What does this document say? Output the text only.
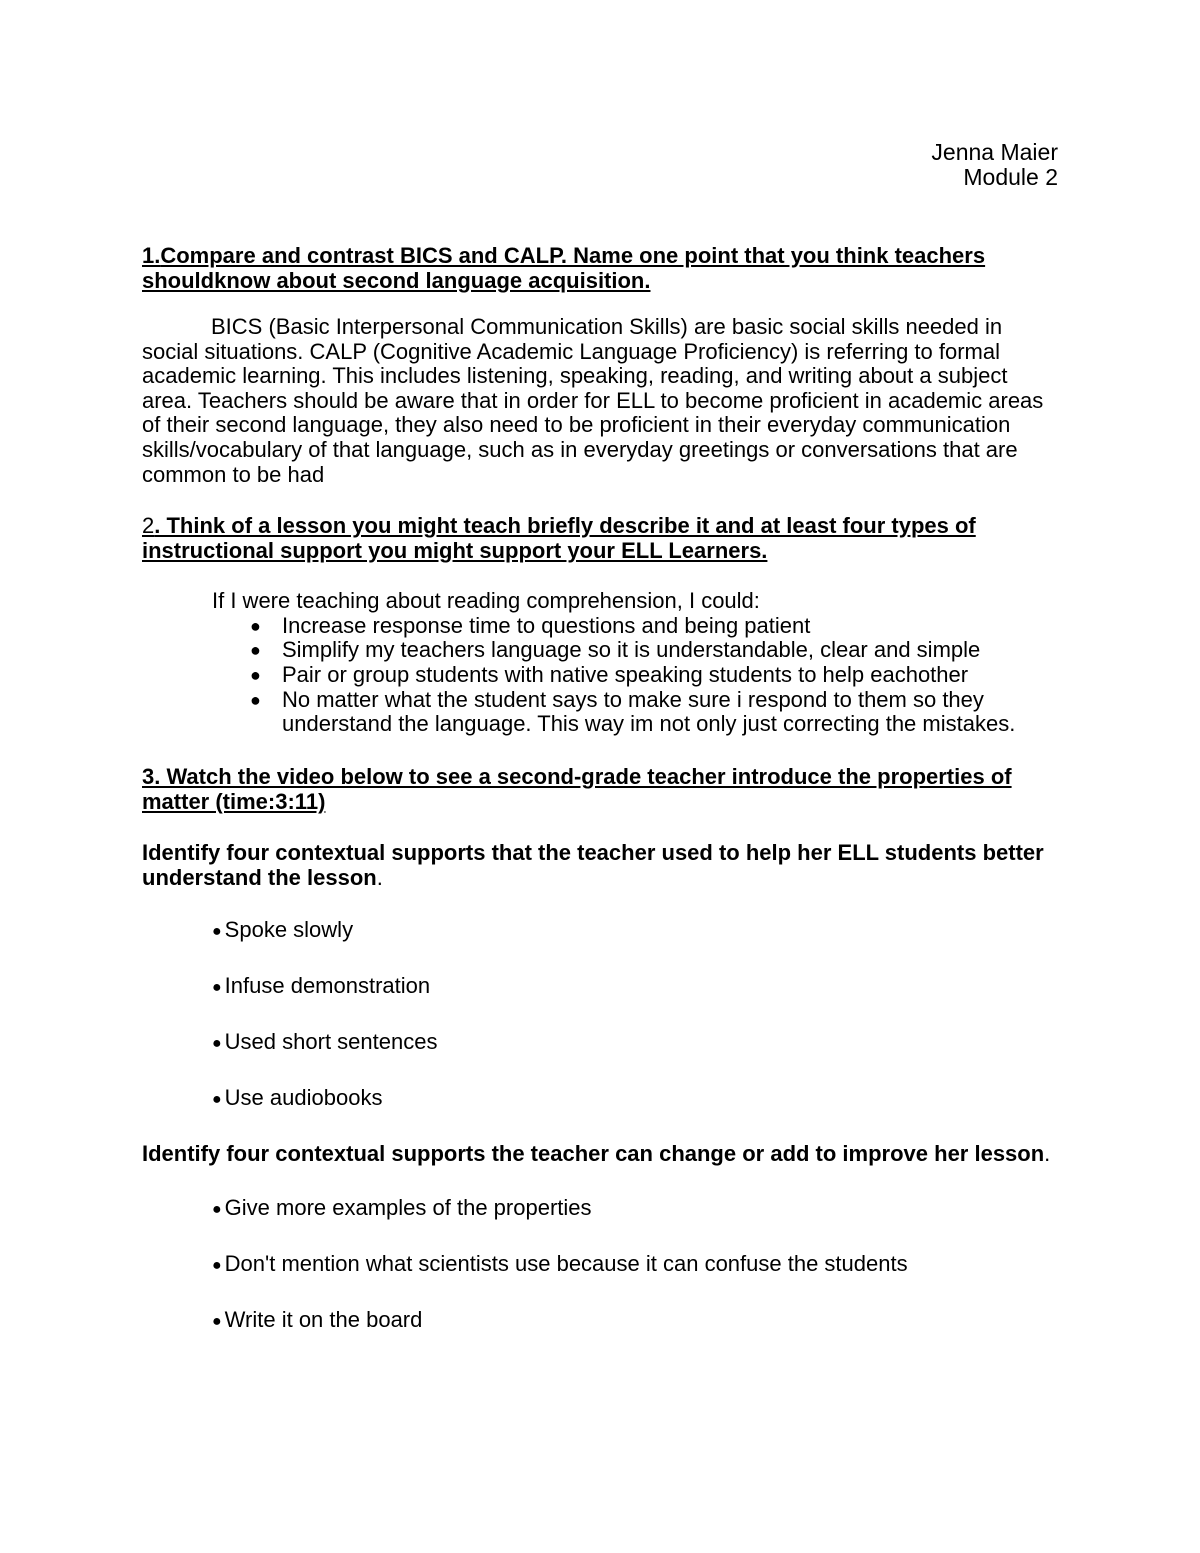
Jenna Maier
Module 2

1.Compare and contrast BICS and CALP. Name one point that you think teachers shouldknow about second language acquisition.

BICS (Basic Interpersonal Communication Skills) are basic social skills needed in social situations. CALP (Cognitive Academic Language Proficiency) is referring to formal academic learning. This includes listening, speaking, reading, and writing about a subject area. Teachers should be aware that in order for ELL to become proficient in academic areas of their second language, they also need to be proficient in their everyday communication skills/vocabulary of that language, such as in everyday greetings or conversations that are common to be had

2. Think of a lesson you might teach briefly describe it and at least four types of instructional support you might support your ELL Learners.

If I were teaching about reading comprehension, I could:

● Increase response time to questions and being patient
● Simplify my teachers language so it is understandable, clear and simple
● Pair or group students with native speaking students to help eachother
● No matter what the student says to make sure i respond to them so they understand the language. This way im not only just correcting the mistakes.

3. Watch the video below to see a second-grade teacher introduce the properties of matter (time:3:11)

Identify four contextual supports that the teacher used to help her ELL students better understand the lesson.

● Spoke slowly
● Infuse demonstration
● Used short sentences
● Use audiobooks

Identify four contextual supports the teacher can change or add to improve her lesson.

● Give more examples of the properties
● Don't mention what scientists use because it can confuse the students
● Write it on the board
